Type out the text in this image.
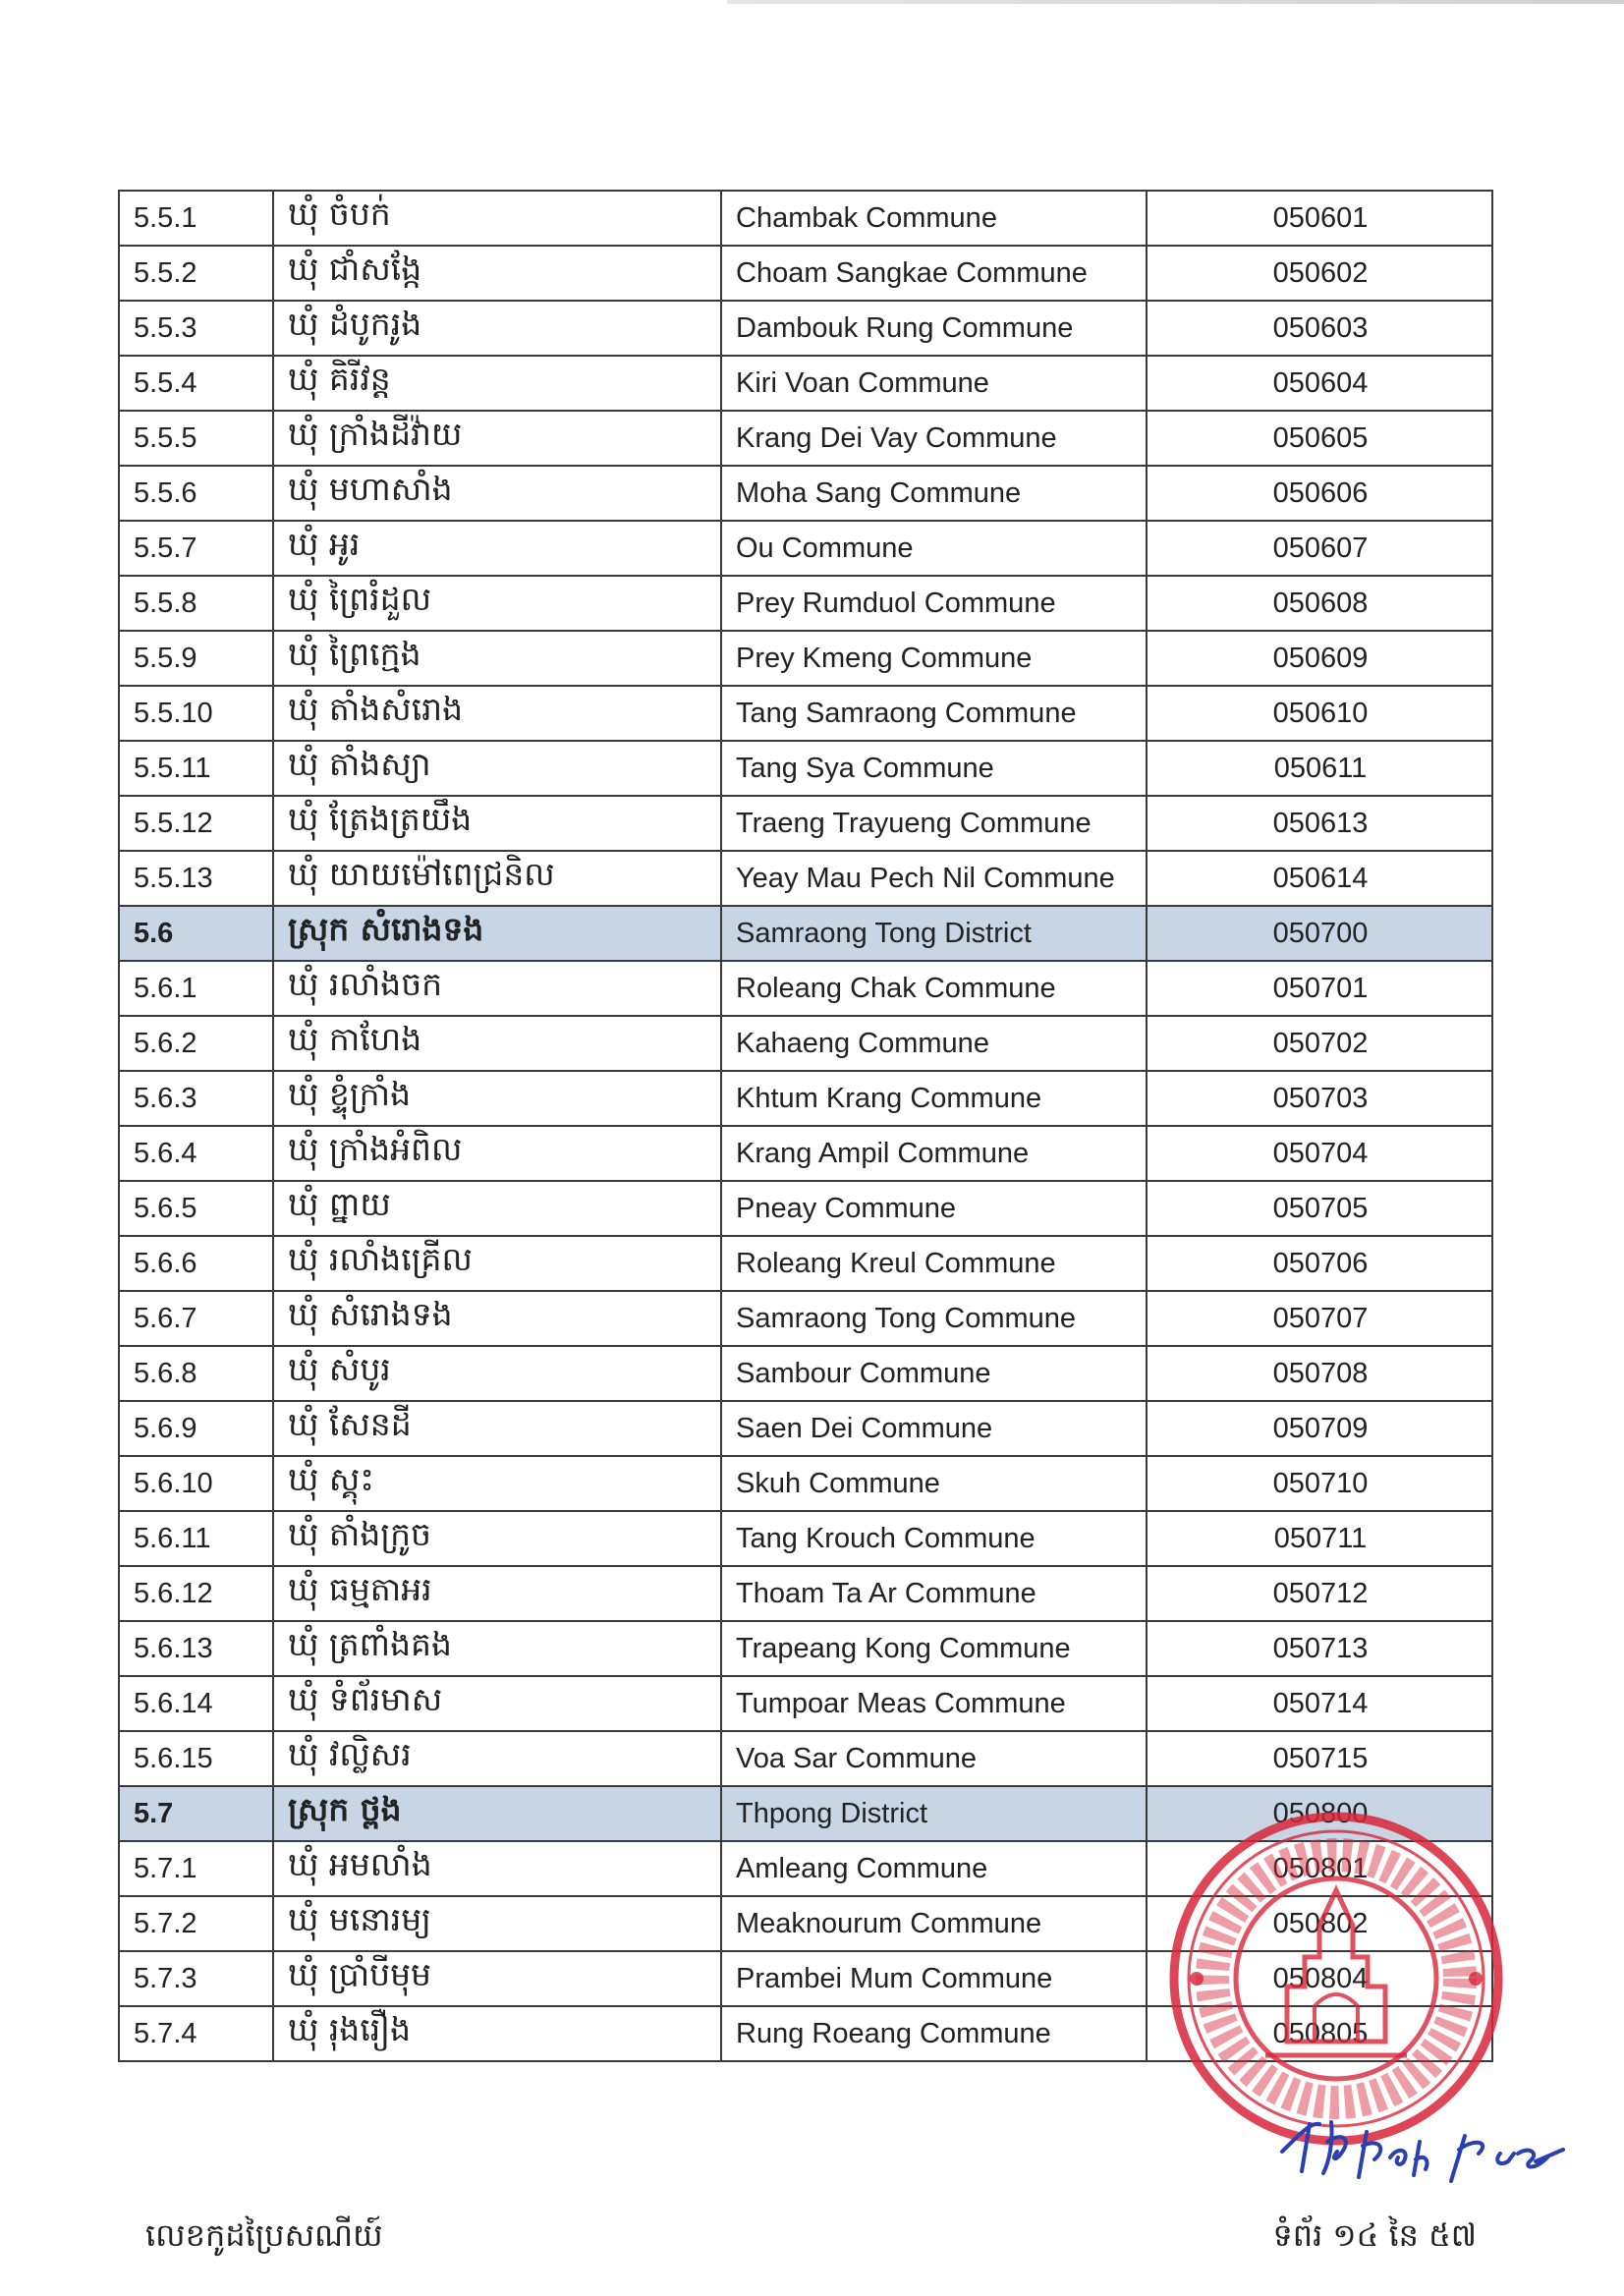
5.5.1	ឃុំ ចំបក់	Chambak Commune	050601
5.5.2	ឃុំ ជាំសង្កែ	Choam Sangkae Commune	050602
5.5.3	ឃុំ ដំបូករូង	Dambouk Rung Commune	050603
5.5.4	ឃុំ គិរីវន្ត	Kiri Voan Commune	050604
5.5.5	ឃុំ ក្រាំងដីវ៉ាយ	Krang Dei Vay Commune	050605
5.5.6	ឃុំ មហាសាំង	Moha Sang Commune	050606
5.5.7	ឃុំ អូរ	Ou Commune	050607
5.5.8	ឃុំ ព្រៃរំដួល	Prey Rumduol Commune	050608
5.5.9	ឃុំ ព្រៃក្មេង	Prey Kmeng Commune	050609
5.5.10	ឃុំ តាំងសំរោង	Tang Samraong Commune	050610
5.5.11	ឃុំ តាំងស្យា	Tang Sya Commune	050611
5.5.12	ឃុំ ត្រែងត្រយឹង	Traeng Trayueng Commune	050613
5.5.13	ឃុំ យាយម៉ៅពេជ្រនិល	Yeay Mau Pech Nil Commune	050614
5.6	ស្រុក សំរោងទង	Samraong Tong District	050700
5.6.1	ឃុំ រលាំងចក	Roleang Chak Commune	050701
5.6.2	ឃុំ កាហែង	Kahaeng Commune	050702
5.6.3	ឃុំ ខ្ទុំក្រាំង	Khtum Krang Commune	050703
5.6.4	ឃុំ ក្រាំងអំពិល	Krang Ampil Commune	050704
5.6.5	ឃុំ ព្នាយ	Pneay Commune	050705
5.6.6	ឃុំ រលាំងគ្រើល	Roleang Kreul Commune	050706
5.6.7	ឃុំ សំរោងទង	Samraong Tong Commune	050707
5.6.8	ឃុំ សំបូរ	Sambour Commune	050708
5.6.9	ឃុំ សែនដី	Saen Dei Commune	050709
5.6.10	ឃុំ ស្គុះ	Skuh Commune	050710
5.6.11	ឃុំ តាំងក្រូច	Tang Krouch Commune	050711
5.6.12	ឃុំ ធម្មតាអរ	Thoam Ta Ar Commune	050712
5.6.13	ឃុំ ត្រពាំងគង	Trapeang Kong Commune	050713
5.6.14	ឃុំ ទំព័រមាស	Tumpoar Meas Commune	050714
5.6.15	ឃុំ វល្លិសរ	Voa Sar Commune	050715
5.7	ស្រុក ថ្ពង	Thpong District	050800
5.7.1	ឃុំ អមលាំង	Amleang Commune	050801
5.7.2	ឃុំ មនោរម្យ	Meaknourum Commune	050802
5.7.3	ឃុំ ប្រាំបីមុម	Prambei Mum Commune	050804
5.7.4	ឃុំ រុងរឿង	Rung Roeang Commune	050805
លេខកូដប្រៃសណីយ៍	ទំព័រ ១៤ នៃ ៥៧
